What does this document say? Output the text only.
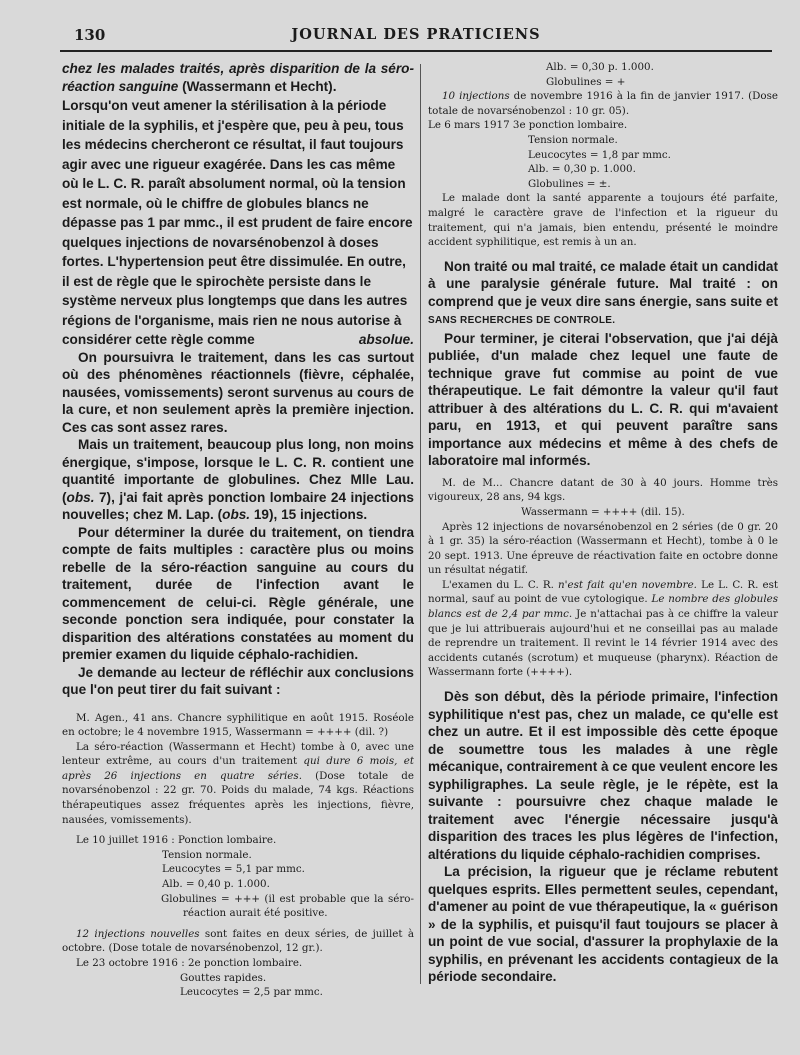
130	JOURNAL DES PRATICIENS

chez les malades traités, après disparition de la séro-réaction sanguine (Wassermann et Hecht).

Lorsqu'on veut amener la stérilisation à la période initiale de la syphilis, et j'espère que, peu à peu, tous les médecins chercheront ce résultat, il faut toujours agir avec une rigueur exagérée. Dans les cas même où le L. C. R. paraît absolument normal, où la tension est normale, où le chiffre de globules blancs ne dépasse pas 1 par mmc., il est prudent de faire encore quelques injections de novarsénobenzol à doses fortes. L'hypertension peut être dissimulée. En outre, il est de règle que le spirochète persiste dans le système nerveux plus longtemps que dans les autres régions de l'organisme, mais rien ne nous autorise à considérer cette règle comme	absolue.

On poursuivra le traitement, dans les cas surtout où des phénomènes réactionnels (fièvre, céphalée, nausées, vomissements) seront survenus au cours de la cure, et non seulement après la première injection. Ces cas sont assez rares.

Mais un traitement, beaucoup plus long, non moins énergique, s'impose, lorsque le L. C. R. contient une quantité importante de globulines. Chez Mlle Lau. (obs. 7), j'ai fait après ponction lombaire 24 injections nouvelles; chez M. Lap. (obs. 19), 15 injections.

Pour déterminer la durée du traitement, on tiendra compte de faits multiples : caractère plus ou moins rebelle de la séro-réaction sanguine au cours du traitement, durée de l'infection avant le commencement de celui-ci. Règle générale, une seconde ponction sera indiquée, pour constater la disparition des altérations constatées au moment du premier examen du liquide céphalo-rachidien.

Je demande au lecteur de réfléchir aux conclusions que l'on peut tirer du fait suivant :

M. Agen., 41 ans. Chancre syphilitique en août 1915. Roséole en octobre; le 4 novembre 1915, Wassermann = ++++ (dil. ?)

La séro-réaction (Wassermann et Hecht) tombe à 0, avec une lenteur extrême, au cours d'un traitement qui dure 6 mois, et après 26 injections en quatre séries. (Dose totale de novarsénobenzol : 22 gr. 70. Poids du malade, 74 kgs. Réactions thérapeutiques assez fréquentes après les injections, fièvre, nausées, vomissements).

Le 10 juillet 1916 : Ponction lombaire.

Tension normale.

Leucocytes = 5,1 par mmc.

Alb. = 0,40 p. 1.000.

Globulines = +++ (il est probable que la séro-réaction aurait été positive.

12 injections nouvelles sont faites en deux séries, de juillet à octobre. (Dose totale de novarsénobenzol, 12 gr.).

Le 23 octobre 1916 : 2e ponction lombaire.

Gouttes rapides.

Leucocytes = 2,5 par mmc.

Alb. = 0,30 p. 1.000.

Globulines = +

10 injections de novembre 1916 à la fin de janvier 1917. (Dose totale de novarsénobenzol : 10 gr. 05).

Le 6 mars 1917 3e ponction lombaire.

Tension normale.

Leucocytes = 1,8 par mmc.

Alb. = 0,30 p. 1.000.

Globulines = ±.

Le malade dont la santé apparente a toujours été parfaite, malgré le caractère grave de l'infection et la rigueur du traitement, qui n'a jamais, bien entendu, présenté le moindre accident syphilitique, est remis à un an.

Non traité ou mal traité, ce malade était un candidat à une paralysie générale future. Mal traité : on comprend que je veux dire sans énergie, sans suite et SANS RECHERCHES DE CONTROLE.

Pour terminer, je citerai l'observation, que j'ai déjà publiée, d'un malade chez lequel une faute de technique grave fut commise au point de vue thérapeutique. Le fait démontre la valeur qu'il faut attribuer à des altérations du L. C. R. qui m'avaient paru, en 1913, et qui peuvent paraître sans importance aux médecins et même à des chefs de laboratoire mal informés.

M. de M... Chancre datant de 30 à 40 jours. Homme très vigoureux, 28 ans, 94 kgs.

Wassermann = ++++ (dil. 15).

Après 12 injections de novarsénobenzol en 2 séries (de 0 gr. 20 à 1 gr. 35) la séro-réaction (Wassermann et Hecht), tombe à 0 le 20 sept. 1913. Une épreuve de réactivation faite en octobre donne un résultat négatif.

L'examen du L. C. R. n'est fait qu'en novembre. Le L. C. R. est normal, sauf au point de vue cytologique. Le nombre des globules blancs est de 2,4 par mmc. Je n'attachai pas à ce chiffre la valeur que je lui attribuerais aujourd'hui et ne conseillai pas au malade de reprendre un traitement. Il revint le 14 février 1914 avec des accidents cutanés (scrotum) et muqueuse (pharynx). Réaction de Wassermann forte (++++).

Dès son début, dès la période primaire, l'infection syphilitique n'est pas, chez un malade, ce qu'elle est chez un autre. Et il est impossible dès cette époque de soumettre tous les malades à une règle mécanique, contrairement à ce que veulent encore les syphiligraphes. La seule règle, je le répète, est la suivante : poursuivre chez chaque malade le traitement avec l'énergie nécessaire jusqu'à disparition des traces les plus légères de l'infection, altérations du liquide céphalo-rachidien comprises.

La précision, la rigueur que je réclame rebutent quelques esprits. Elles permettent seules, cependant, d'amener au point de vue thérapeutique, la « guérison » de la syphilis, et puisqu'il faut toujours se placer à un point de vue social, d'assurer la prophylaxie de la syphilis, en prévenant les accidents contagieux de la période secondaire.
